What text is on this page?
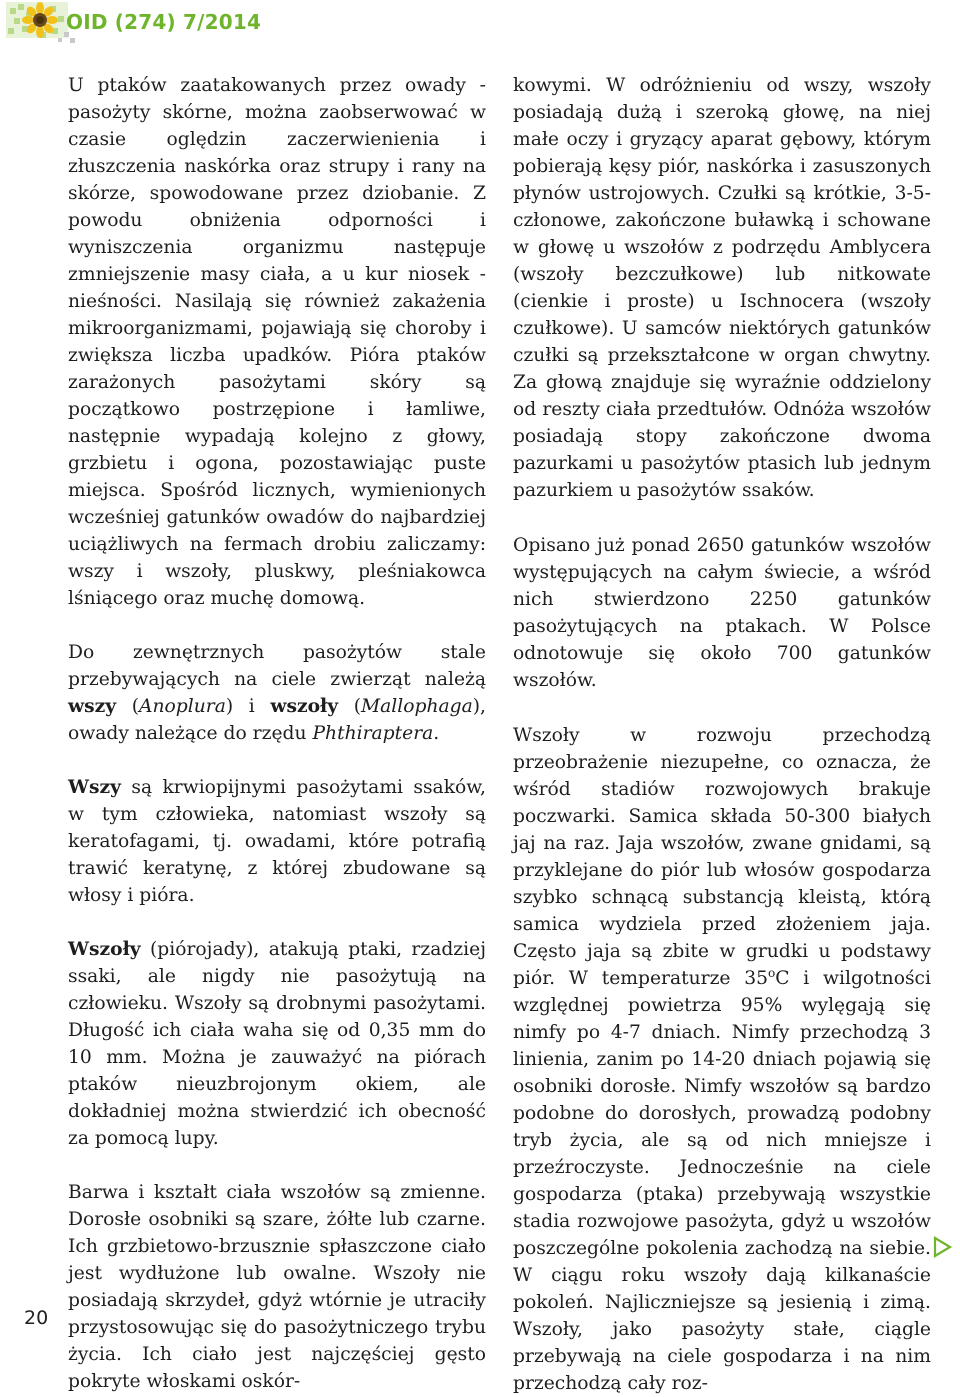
OID (274) 7/2014

U ptaków zaatakowanych przez owady - pasożyty skórne, można zaobserwować w czasie oględzin zaczerwienienia i złuszczenia naskórka oraz strupy i rany na skórze, spowodowane przez dziobanie. Z powodu obniżenia odporności i wyniszczenia organizmu następuje zmniejszenie masy ciała, a u kur niosek - nieśności. Nasilają się również zakażenia mikroorganizmami, pojawiają się choroby i zwiększa liczba upadków. Pióra ptaków zarażonych pasożytami skóry są początkowo postrzępione i łamliwe, następnie wypadają kolejno z głowy, grzbietu i ogona, pozostawiając puste miejsca. Spośród licznych, wymienionych wcześniej gatunków owadów do najbardziej uciążliwych na fermach drobiu zaliczamy: wszy i wszoły, pluskwy, pleśniakowca lśniącego oraz muchę domową.

Do zewnętrznych pasożytów stale przebywających na ciele zwierząt należą wszy (Anoplura) i wszoły (Mallophaga), owady należące do rzędu Phthiraptera.

Wszy są krwiopijnymi pasożytami ssaków, w tym człowieka, natomiast wszoły są keratofagami, tj. owadami, które potrafią trawić keratynę, z której zbudowane są włosy i pióra.

Wszoły (piórojady), atakują ptaki, rzadziej ssaki, ale nigdy nie pasożytują na człowieku. Wszoły są drobnymi pasożytami. Długość ich ciała waha się od 0,35 mm do 10 mm. Można je zauważyć na piórach ptaków nieuzbrojonym okiem, ale dokładniej można stwierdzić ich obecność za pomocą lupy.

Barwa i kształt ciała wszołów są zmienne. Dorosłe osobniki są szare, żółte lub czarne. Ich grzbietowo-brzusznie spłaszczone ciało jest wydłużone lub owalne. Wszoły nie posiadają skrzydeł, gdyż wtórnie je utraciły przystosowując się do pasożytniczego trybu życia. Ich ciało jest najczęściej gęsto pokryte włoskami oskór-

kowymi. W odróżnieniu od wszy, wszoły posiadają dużą i szeroką głowę, na niej małe oczy i gryzący aparat gębowy, którym pobierają kęsy piór, naskórka i zasuszonych płynów ustrojowych. Czułki są krótkie, 3-5-członowe, zakończone buławką i schowane w głowę u wszołów z podrzędu Amblycera (wszoły bezczułkowe) lub nitkowate (cienkie i proste) u Ischnocera (wszoły czułkowe). U samców niektórych gatunków czułki są przekształcone w organ chwytny. Za głową znajduje się wyraźnie oddzielony od reszty ciała przedtułów. Odnóża wszołów posiadają stopy zakończone dwoma pazurkami u pasożytów ptasich lub jednym pazurkiem u pasożytów ssaków.

Opisano już ponad 2650 gatunków wszołów występujących na całym świecie, a wśród nich stwierdzono 2250 gatunków pasożytujących na ptakach. W Polsce odnotowuje się około 700 gatunków wszołów.

Wszoły w rozwoju przechodzą przeobrażenie niezupełne, co oznacza, że wśród stadiów rozwojowych brakuje poczwarki. Samica składa 50-300 białych jaj na raz. Jaja wszołów, zwane gnidami, są przyklejane do piór lub włosów gospodarza szybko schnącą substancją kleistą, którą samica wydziela przed złożeniem jaja. Często jaja są zbite w grudki u podstawy piór. W temperaturze 35$^o$C i wilgotności względnej powietrza 95% wylęgają się nimfy po 4-7 dniach. Nimfy przechodzą 3 linienia, zanim po 14-20 dniach pojawią się osobniki dorosłe. Nimfy wszołów są bardzo podobne do dorosłych, prowadzą podobny tryb życia, ale są od nich mniejsze i przeźroczyste. Jednocześnie na ciele gospodarza (ptaka) przebywają wszystkie stadia rozwojowe pasożyta, gdyż u wszołów poszczególne pokolenia zachodzą na siebie. W ciągu roku wszoły dają kilkanaście pokoleń. Najliczniejsze są jesienią i zimą. Wszoły, jako pasożyty stałe, ciągle przebywają na ciele gospodarza i na nim przechodzą cały roz-

20
